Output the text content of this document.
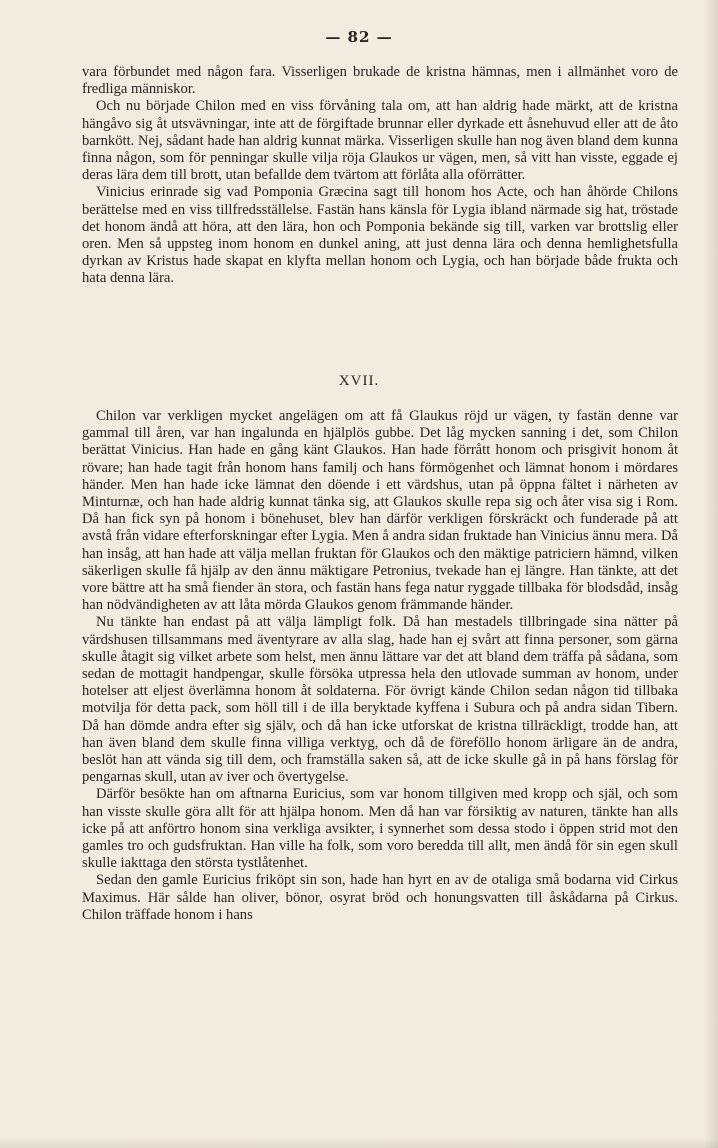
— 82 —

vara förbundet med någon fara. Visserligen brukade de kristna hämnas, men i allmänhet voro de fredliga människor.

Och nu började Chilon med en viss förvåning tala om, att han aldrig hade märkt, att de kristna hängåvo sig åt utsvävningar, inte att de förgiftade brunnar eller dyrkade ett åsnehuvud eller att de åto barnkött. Nej, sådant hade han aldrig kunnat märka. Visserligen skulle han nog även bland dem kunna finna någon, som för penningar skulle vilja röja Glaukos ur vägen, men, så vitt han visste, eggade ej deras lära dem till brott, utan befallde dem tvärtom att förlåta alla oförrätter.

Vinicius erinrade sig vad Pomponia Græcina sagt till honom hos Acte, och han åhörde Chilons berättelse med en viss tillfredsställelse. Fastän hans känsla för Lygia ibland närmade sig hat, tröstade det honom ändå att höra, att den lära, hon och Pomponia bekände sig till, varken var brottslig eller oren. Men så uppsteg inom honom en dunkel aning, att just denna lära och denna hemlighetsfulla dyrkan av Kristus hade skapat en klyfta mellan honom och Lygia, och han började både frukta och hata denna lära.

XVII.

Chilon var verkligen mycket angelägen om att få Glaukus röjd ur vägen, ty fastän denne var gammal till åren, var han ingalunda en hjälplös gubbe. Det låg mycken sanning i det, som Chilon berättat Vinicius. Han hade en gång känt Glaukos. Han hade förrått honom och prisgivit honom åt rövare; han hade tagit från honom hans familj och hans förmögenhet och lämnat honom i mördares händer. Men han hade icke lämnat den döende i ett värdshus, utan på öppna fältet i närheten av Minturnæ, och han hade aldrig kunnat tänka sig, att Glaukos skulle repa sig och åter visa sig i Rom. Då han fick syn på honom i bönehuset, blev han därför verkligen förskräckt och funderade på att avstå från vidare efterforskningar efter Lygia. Men å andra sidan fruktade han Vinicius ännu mera. Då han insåg, att han hade att välja mellan fruktan för Glaukos och den mäktige patriciern hämnd, vilken säkerligen skulle få hjälp av den ännu mäktigare Petronius, tvekade han ej längre. Han tänkte, att det vore bättre att ha små fiender än stora, och fastän hans fega natur ryggade tillbaka för blodsdåd, insåg han nödvändigheten av att låta mörda Glaukos genom främmande händer.

Nu tänkte han endast på att välja lämpligt folk. Då han mestadels tillbringade sina nätter på värdshusen tillsammans med äventyrare av alla slag, hade han ej svårt att finna personer, som gärna skulle åtagit sig vilket arbete som helst, men ännu lättare var det att bland dem träffa på sådana, som sedan de mottagit handpengar, skulle försöka utpressa hela den utlovade summan av honom, under hotelser att eljest överlämna honom åt soldaterna. För övrigt kände Chilon sedan någon tid tillbaka motvilja för detta pack, som höll till i de illa beryktade kyffena i Subura och på andra sidan Tibern. Då han dömde andra efter sig själv, och då han icke utforskat de kristna tillräckligt, trodde han, att han även bland dem skulle finna villiga verktyg, och då de föreföllo honom ärligare än de andra, beslöt han att vända sig till dem, och framställa saken så, att de icke skulle gå in på hans förslag för pengarnas skull, utan av iver och övertygelse.

Därför besökte han om aftnarna Euricius, som var honom tillgiven med kropp och själ, och som han visste skulle göra allt för att hjälpa honom. Men då han var försiktig av naturen, tänkte han alls icke på att anförtro honom sina verkliga avsikter, i synnerhet som dessa stodo i öppen strid mot den gamles tro och gudsfruktan. Han ville ha folk, som voro beredda till allt, men ändå för sin egen skull skulle iakttaga den största tystlåtenhet.

Sedan den gamle Euricius friköpt sin son, hade han hyrt en av de otaliga små bodarna vid Cirkus Maximus. Här sålde han oliver, bönor, osyrat bröd och honungsvatten till åskådarna på Cirkus. Chilon träffade honom i hans
